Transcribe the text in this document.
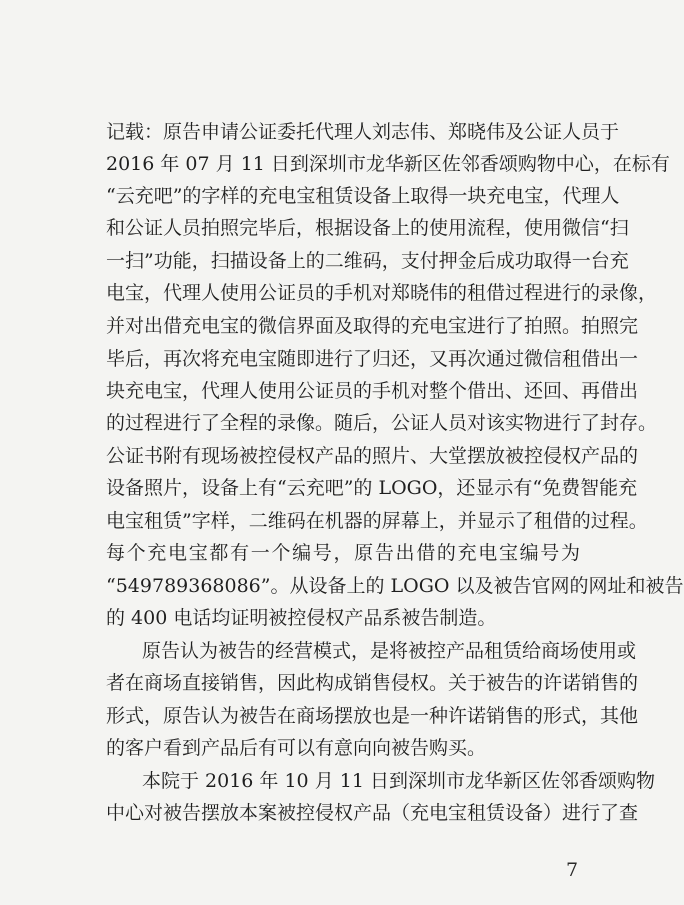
记载：原告申请公证委托代理人刘志伟、郑晓伟及公证人员于
2016 年 07 月 11 日到深圳市龙华新区佐邻香颂购物中心，在标有
“云充吧”的字样的充电宝租赁设备上取得一块充电宝，代理人
和公证人员拍照完毕后，根据设备上的使用流程，使用微信“扫
一扫”功能，扫描设备上的二维码，支付押金后成功取得一台充
电宝，代理人使用公证员的手机对郑晓伟的租借过程进行的录像，
并对出借充电宝的微信界面及取得的充电宝进行了拍照。拍照完
毕后，再次将充电宝随即进行了归还，又再次通过微信租借出一
块充电宝，代理人使用公证员的手机对整个借出、还回、再借出
的过程进行了全程的录像。随后，公证人员对该实物进行了封存。
公证书附有现场被控侵权产品的照片、大堂摆放被控侵权产品的
设备照片，设备上有“云充吧”的 LOGO，还显示有“免费智能充
电宝租赁”字样，二维码在机器的屏幕上，并显示了租借的过程。
每个充电宝都有一个编号，原告出借的充电宝编号为
“549789368086”。从设备上的 LOGO 以及被告官网的网址和被告
的 400 电话均证明被控侵权产品系被告制造。
原告认为被告的经营模式，是将被控产品租赁给商场使用或
者在商场直接销售，因此构成销售侵权。关于被告的许诺销售的
形式，原告认为被告在商场摆放也是一种许诺销售的形式，其他
的客户看到产品后有可以有意向向被告购买。
本院于 2016 年 10 月 11 日到深圳市龙华新区佐邻香颂购物
中心对被告摆放本案被控侵权产品（充电宝租赁设备）进行了查
7
